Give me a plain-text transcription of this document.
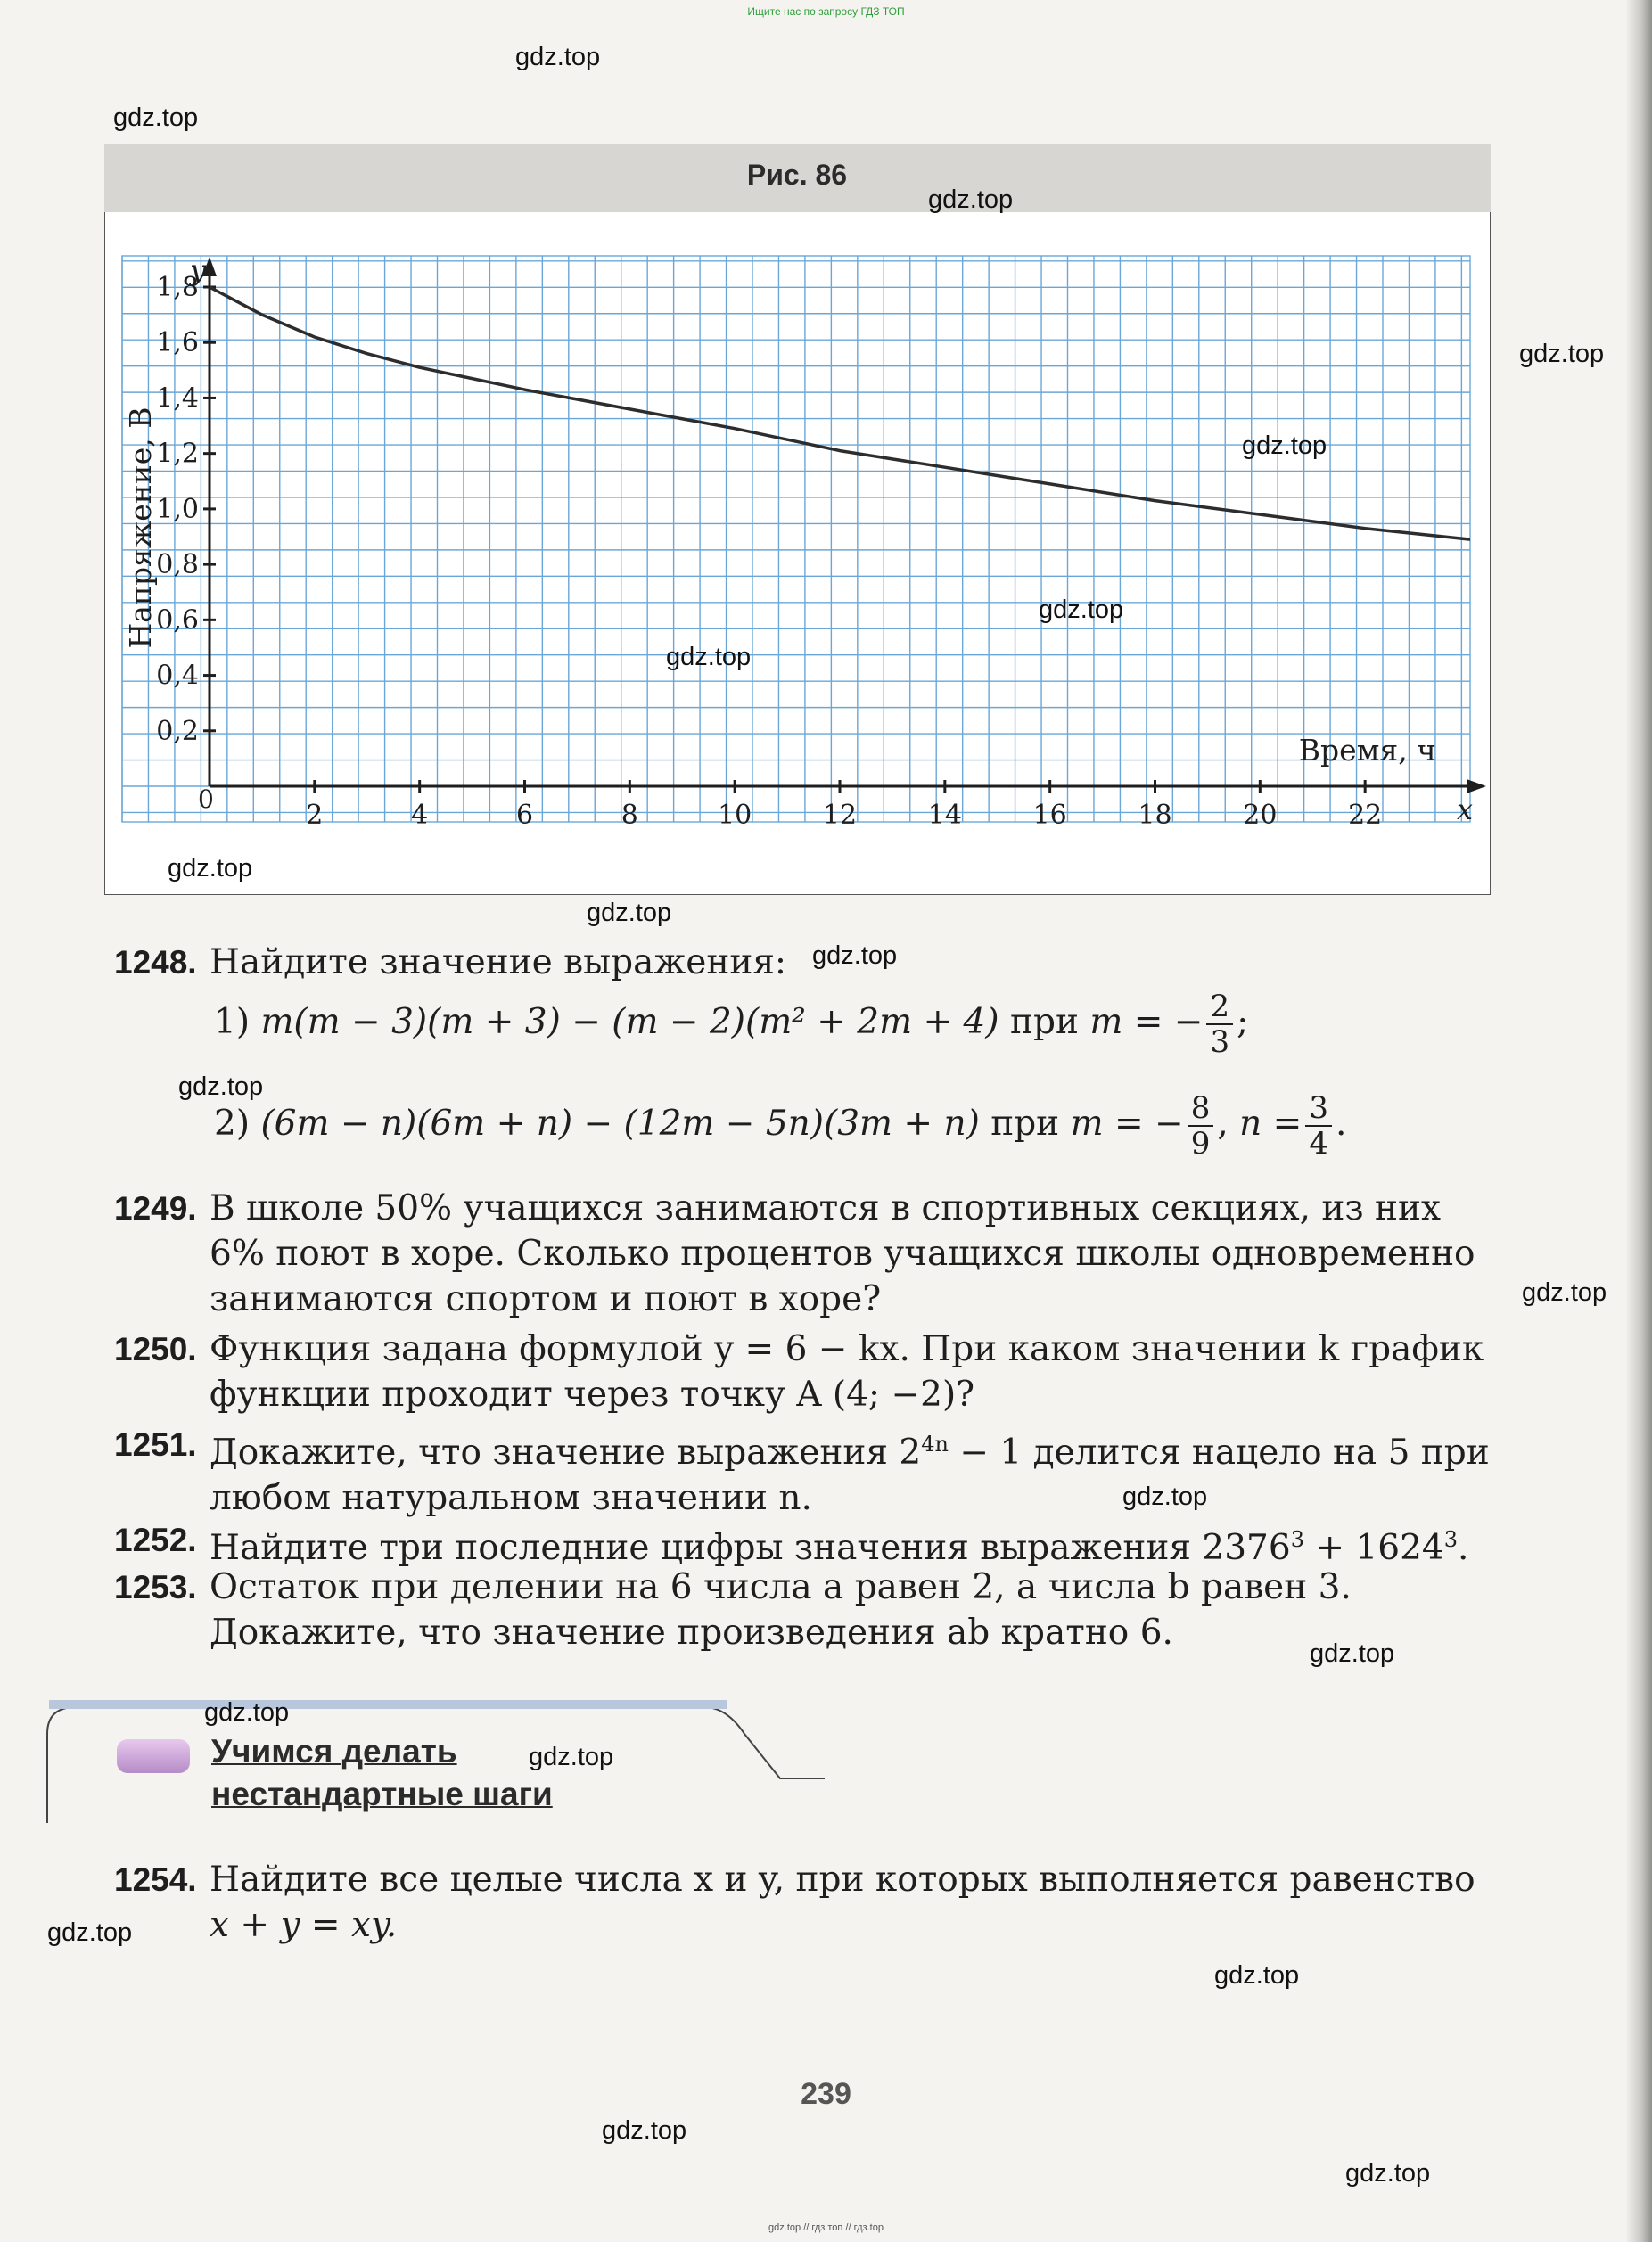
Ищите нас по запросу ГДЗ ТОП
Рис. 86
2	4	6	8	10	12	14	16	18	20	22
0,2
0,4
0,6
0,8
1,0
1,2
1,4
1,6
1,8
Время, ч
x
y
0
Напряжение, В
1248. Найдите значение выражения:
1) m(m − 3)(m + 3) − (m − 2)(m² + 2m + 4) при m = − $\frac{2}{3}$ ;
2) (6m − n)(6m + n) − (12m − 5n)(3m + n) при m = − $\frac{8}{9}$ , $n = \frac{3}{4}$ .
1249. В школе 50% учащихся занимаются в спортивных секциях, из них 6% поют в хоре. Сколько процентов учащихся школы одновременно занимаются спортом и поют в хоре?
1250. Функция задана формулой y = 6 − kx. При каком значении k график функции проходит через точку A (4; −2)?
1251. Докажите, что значение выражения $2^{4n} - 1$ делится нацело на 5 при любом натуральном значении n.
1252. Найдите три последние цифры значения выражения $2376^3 + 1624^3$.
1253. Остаток при делении на 6 числа a равен 2, а числа b равен 3. Докажите, что значение произведения ab кратно 6.
Учимся делать
нестандартные шаги
1254. Найдите все целые числа x и y, при которых выполняется равенство
x + y = xy.
239
gdz.top // гдз топ // гдз.top
gdz.top
gdz.top
gdz.top
gdz.top
gdz.top
gdz.top
gdz.top
gdz.top
gdz.top
gdz.top
gdz.top
gdz.top
gdz.top
gdz.top
gdz.top
gdz.top
gdz.top
gdz.top
gdz.top
gdz.top
